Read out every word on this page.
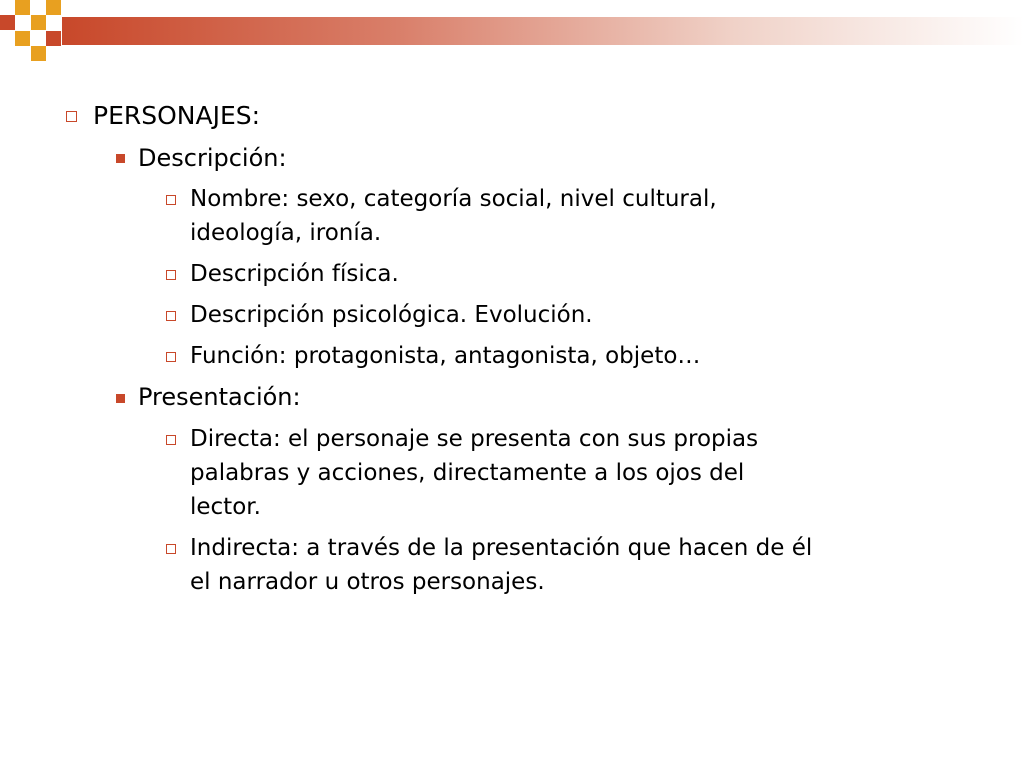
PERSONAJES:
Descripción:
Nombre: sexo, categoría social, nivel cultural,
ideología, ironía.
Descripción física.
Descripción psicológica. Evolución.
Función: protagonista, antagonista, objeto…
Presentación:
Directa: el personaje se presenta con sus propias
palabras y acciones, directamente a los ojos del
lector.
Indirecta: a través de la presentación que hacen de él
el narrador u otros personajes.
